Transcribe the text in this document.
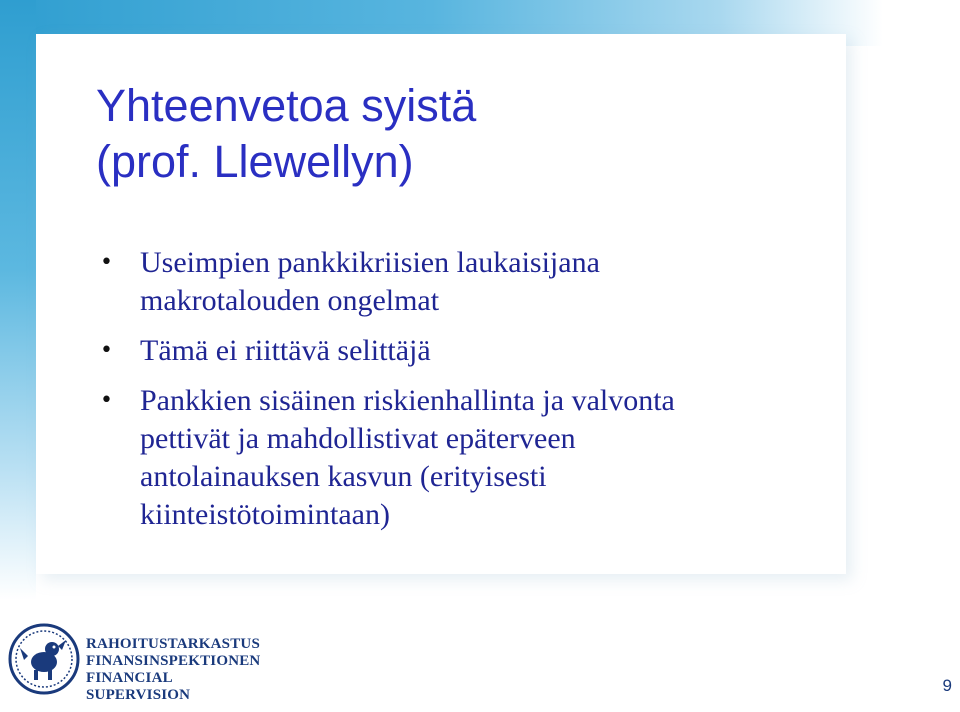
Yhteenvetoa syistä
(prof. Llewellyn)
• Useimpien pankkikriisien laukaisijana
makrotalouden ongelmat
• Tämä ei riittävä selittäjä
• Pankkien sisäinen riskienhallinta ja valvonta
pettivät ja mahdollistivat epäterveen
antolainauksen kasvun (erityisesti
kiinteistötoimintaan)
RAHOITUSTARKASTUS
FINANSINSPEKTIONEN
FINANCIAL SUPERVISION	9
